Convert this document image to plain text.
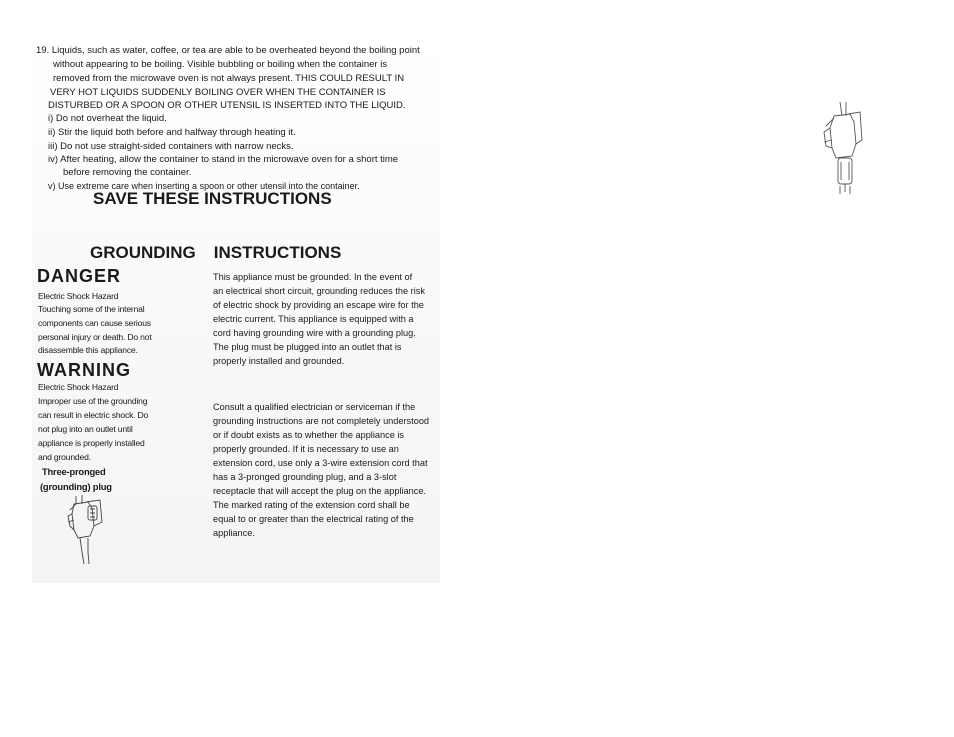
19. Liquids, such as water, coffee, or tea are able to be overheated beyond the boiling point
without appearing to be boiling. Visible bubbling or boiling when the container is
removed from the microwave oven is not always present. THIS COULD RESULT IN
VERY HOT LIQUIDS SUDDENLY BOILING OVER WHEN THE CONTAINER IS
DISTURBED OR A SPOON OR OTHER UTENSIL IS INSERTED INTO THE LIQUID.
i) Do not overheat the liquid.
ii) Stir the liquid both before and halfway through heating it.
iii) Do not use straight-sided containers with narrow necks.
iv) After heating, allow the container to stand in the microwave oven for a short time
before removing the container.
v) Use extreme care when inserting a spoon or other utensil into the container.
SAVE THESE INSTRUCTIONS
GROUNDING INSTRUCTIONS
DANGER
Electric Shock Hazard
Touching some of the internal
components can cause serious
personal injury or death. Do not
disassemble this appliance.
WARNING
Electric Shock Hazard
Improper use of the grounding
can result in electric shock. Do
not plug into an outlet until
appliance is properly installed
and grounded.
Three-pronged
(grounding) plug
This appliance must be grounded. In the event of
an electrical short circuit, grounding reduces the risk
of electric shock by providing an escape wire for the
electric current. This appliance is equipped with a
cord having grounding wire with a grounding plug.
The plug must be plugged into an outlet that is
properly installed and grounded.
Consult a qualified electrician or serviceman if the
grounding instructions are not completely understood
or if doubt exists as to whether the appliance is
properly grounded. If it is necessary to use an
extension cord, use only a 3-wire extension cord that
has a 3-pronged grounding plug, and a 3-slot
receptacle that will accept the plug on the appliance.
The marked rating of the extension cord shall be
equal to or greater than the electrical rating of the
appliance.
